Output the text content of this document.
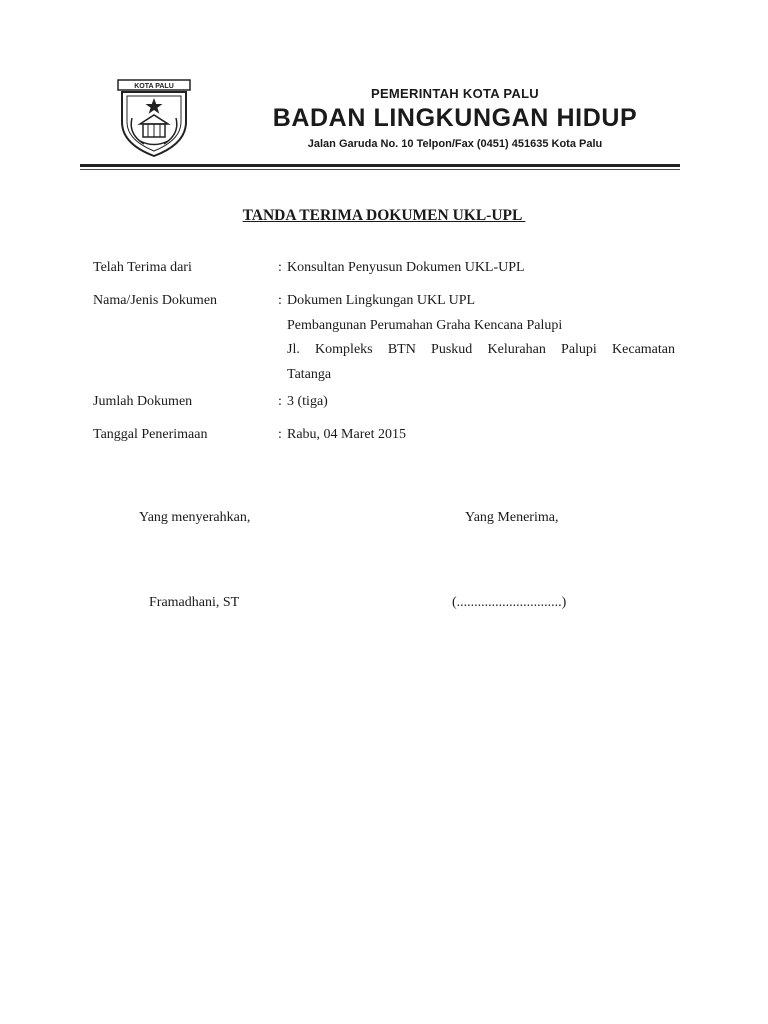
KOTA PALU	PEMERINTAH KOTA PALU
BADAN LINGKUNGAN HIDUP
Jalan Garuda No. 10 Telpon/Fax (0451) 451635 Kota Palu
TANDA TERIMA DOKUMEN UKL-UPL
Telah Terima dari	: Konsultan Penyusun Dokumen UKL-UPL
Nama/Jenis Dokumen	: Dokumen Lingkungan UKL UPL
Pembangunan Perumahan Graha Kencana Palupi
Jl. Kompleks BTN Puskud Kelurahan Palupi Kecamatan
Tatanga
Jumlah Dokumen	: 3 (tiga)
Tanggal Penerimaan	: Rabu, 04 Maret 2015
Yang menyerahkan,	Yang Menerima,
Framadhani, ST	(..............................)
